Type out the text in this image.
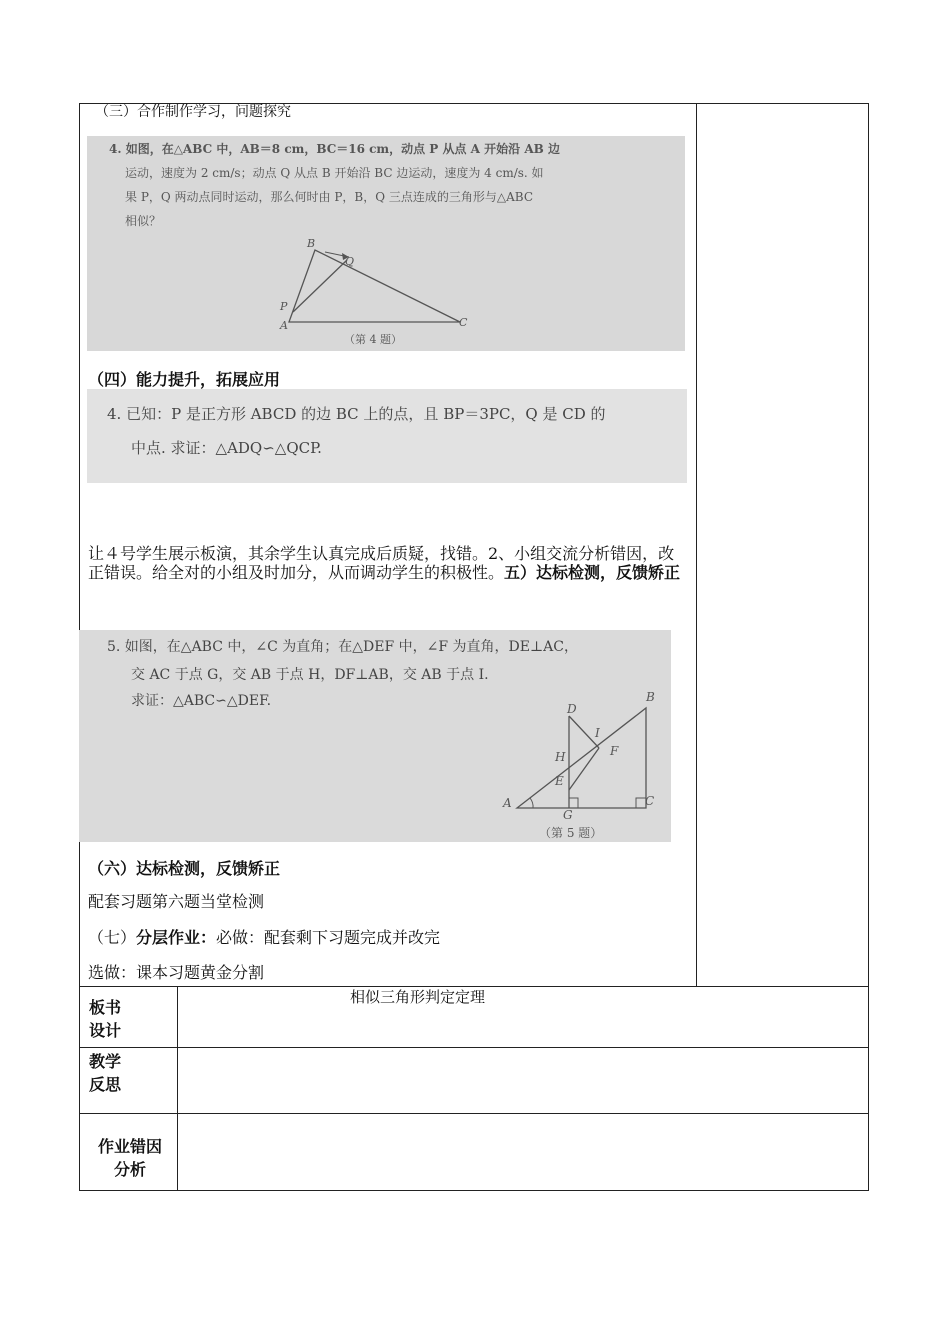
（三）合作制作学习，问题探究
4. 如图，在△ABC 中，AB＝8 cm，BC＝16 cm，动点 P 从点 A 开始沿 AB 边
运动，速度为 2 cm/s；动点 Q 从点 B 开始沿 BC 边运动，速度为 4 cm/s. 如
果 P，Q 两动点同时运动，那么何时由 P，B，Q 三点连成的三角形与△ABC
相似？
B
Q
P
A	C
（第 4 题）
（四）能力提升，拓展应用
4. 已知：P 是正方形 ABCD 的边 BC 上的点，且 BP＝3PC，Q 是 CD 的
中点. 求证：△ADQ∽△QCP.
让４号学生展示板演，其余学生认真完成后质疑，找错。2、小组交流分析错因，改正错误。给全对的小组及时加分，从而调动学生的积极性。五）达标检测，反馈矫正
5. 如图，在△ABC 中，∠C 为直角；在△DEF 中，∠F 为直角，DE⊥AC，
交 AC 于点 G，交 AB 于点 H，DF⊥AB，交 AB 于点 I.
求证：△ABC∽△DEF.	D
B
I
F
H
E
A
G
C
（第 5 题）
（六）达标检测，反馈矫正
配套习题第六题当堂检测
（七）分层作业：必做：配套剩下习题完成并改完
选做：课本习题黄金分割
板书
设计
相似三角形判定定理
教学
反思
作业错因
分析
